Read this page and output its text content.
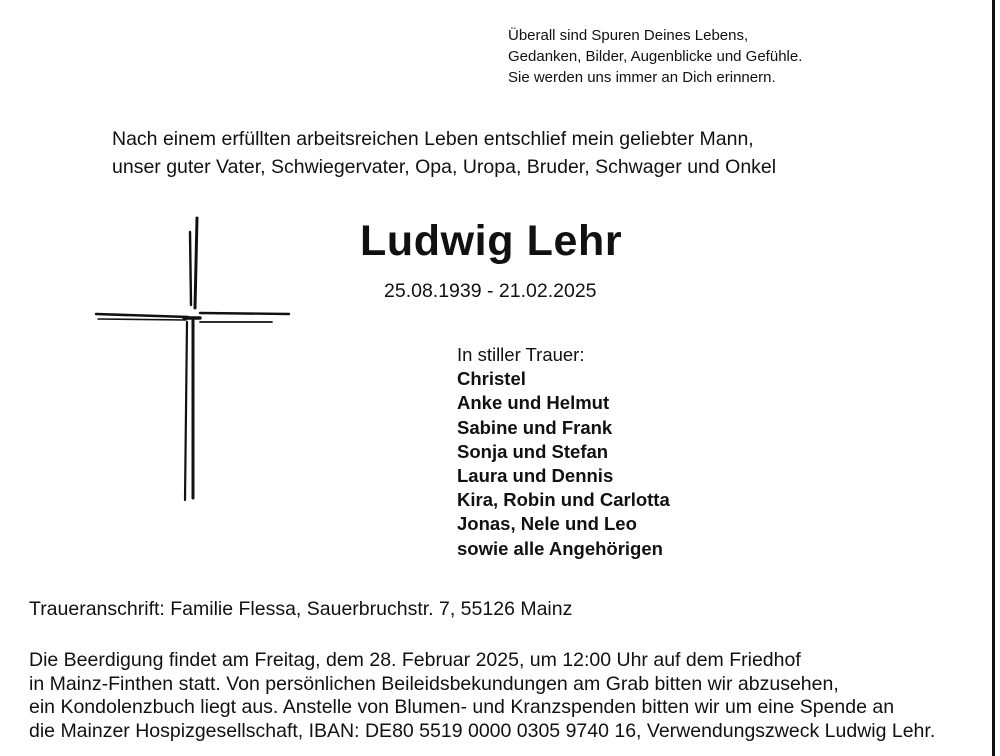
Überall sind Spuren Deines Lebens,
Gedanken, Bilder, Augenblicke und Gefühle.
Sie werden uns immer an Dich erinnern.
Nach einem erfüllten arbeitsreichen Leben entschlief mein geliebter Mann,
unser guter Vater, Schwiegervater, Opa, Uropa, Bruder, Schwager und Onkel
Ludwig Lehr
25.08.1939 - 21.02.2025
In stiller Trauer:
Christel
Anke und Helmut
Sabine und Frank
Sonja und Stefan
Laura und Dennis
Kira, Robin und Carlotta
Jonas, Nele und Leo
sowie alle Angehörigen
Traueranschrift: Familie Flessa, Sauerbruchstr. 7, 55126 Mainz
Die Beerdigung findet am Freitag, dem 28. Februar 2025, um 12:00 Uhr auf dem Friedhof
in Mainz-Finthen statt. Von persönlichen Beileidsbekundungen am Grab bitten wir abzusehen,
ein Kondolenzbuch liegt aus. Anstelle von Blumen- und Kranzspenden bitten wir um eine Spende an
die Mainzer Hospizgesellschaft, IBAN: DE80 5519 0000 0305 9740 16, Verwendungszweck Ludwig Lehr.
